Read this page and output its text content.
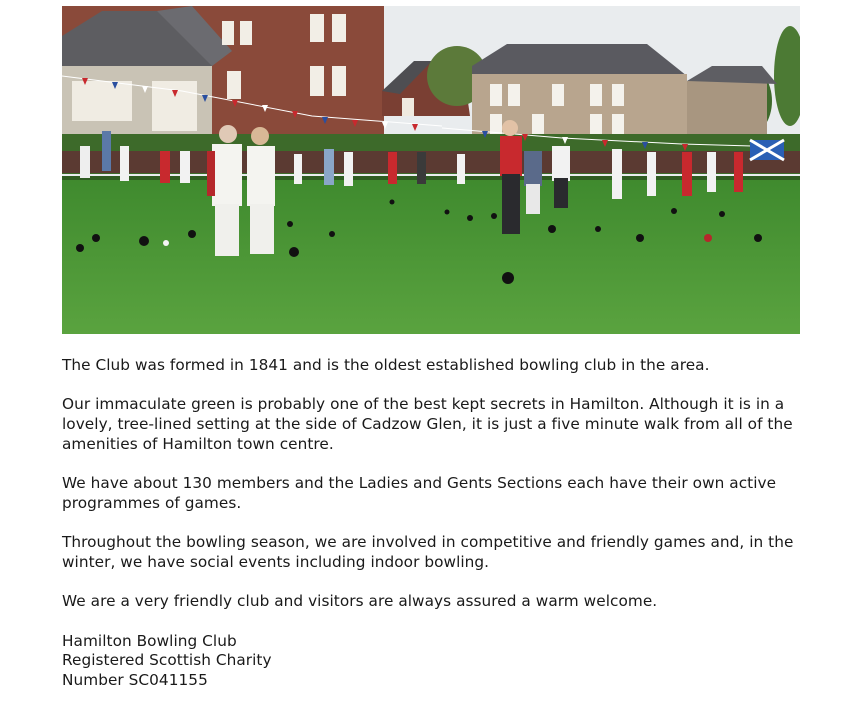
The Club was formed in 1841 and is the oldest established bowling club in the area.

Our immaculate green is probably one of the best kept secrets in Hamilton. Although it is in a lovely, tree-lined setting at the side of Cadzow Glen, it is just a five minute walk from all of the amenities of Hamilton town centre.

We have about 130 members and the Ladies and Gents Sections each have their own active programmes of games.

Throughout the bowling season, we are involved in competitive and friendly games and, in the winter, we have social events including indoor bowling.

We are a very friendly club and visitors are always assured a warm welcome.

Hamilton Bowling Club

Registered Scottish Charity

Number SC041155
